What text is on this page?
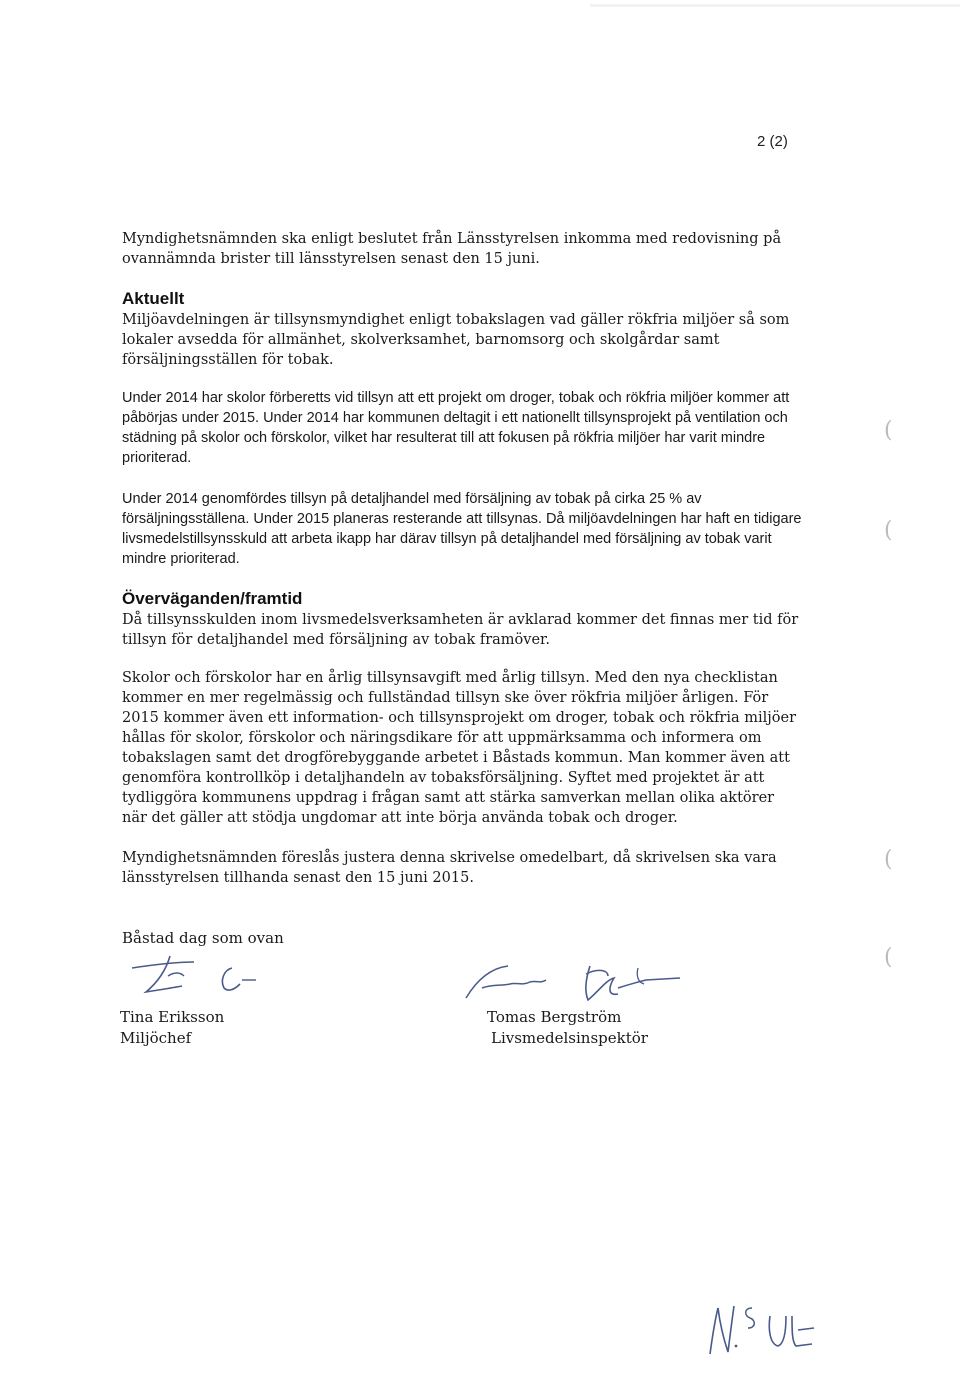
2 (2)

Myndighetsnämnden ska enligt beslutet från Länsstyrelsen inkomma med redovisning på ovannämnda brister till länsstyrelsen senast den 15 juni.

Aktuellt

Miljöavdelningen är tillsynsmyndighet enligt tobakslagen vad gäller rökfria miljöer så som lokaler avsedda för allmänhet, skolverksamhet, barnomsorg och skolgårdar samt försäljningsställen för tobak.

Under 2014 har skolor förberetts vid tillsyn att ett projekt om droger, tobak och rökfria miljöer kommer att påbörjas under 2015. Under 2014 har kommunen deltagit i ett nationellt tillsynsprojekt på ventilation och städning på skolor och förskolor, vilket har resulterat till att fokusen på rökfria miljöer har varit mindre prioriterad.

Under 2014 genomfördes tillsyn på detaljhandel med försäljning av tobak på cirka 25 % av försäljningsställena. Under 2015 planeras resterande att tillsynas. Då miljöavdelningen har haft en tidigare livsmedelstillsynsskuld att arbeta ikapp har därav tillsyn på detaljhandel med försäljning av tobak varit mindre prioriterad.

Överväganden/framtid

Då tillsynsskulden inom livsmedelsverksamheten är avklarad kommer det finnas mer tid för tillsyn för detaljhandel med försäljning av tobak framöver.

Skolor och förskolor har en årlig tillsynsavgift med årlig tillsyn. Med den nya checklistan kommer en mer regelmässig och fullständad tillsyn ske över rökfria miljöer årligen. För 2015 kommer även ett information- och tillsynsprojekt om droger, tobak och rökfria miljöer hållas för skolor, förskolor och näringsdikare för att uppmärksamma och informera om tobakslagen samt det drogförebyggande arbetet i Båstads kommun. Man kommer även att genomföra kontrollköp i detaljhandeln av tobaksförsäljning. Syftet med projektet är att tydliggöra kommunens uppdrag i frågan samt att stärka samverkan mellan olika aktörer när det gäller att stödja ungdomar att inte börja använda tobak och droger.

Myndighetsnämnden föreslås justera denna skrivelse omedelbart, då skrivelsen ska vara länsstyrelsen tillhanda senast den 15 juni 2015.

Båstad dag som ovan

Tina Eriksson
Miljöchef
Tomas Bergström
Livsmedelsinspektör
(
(
(
(
